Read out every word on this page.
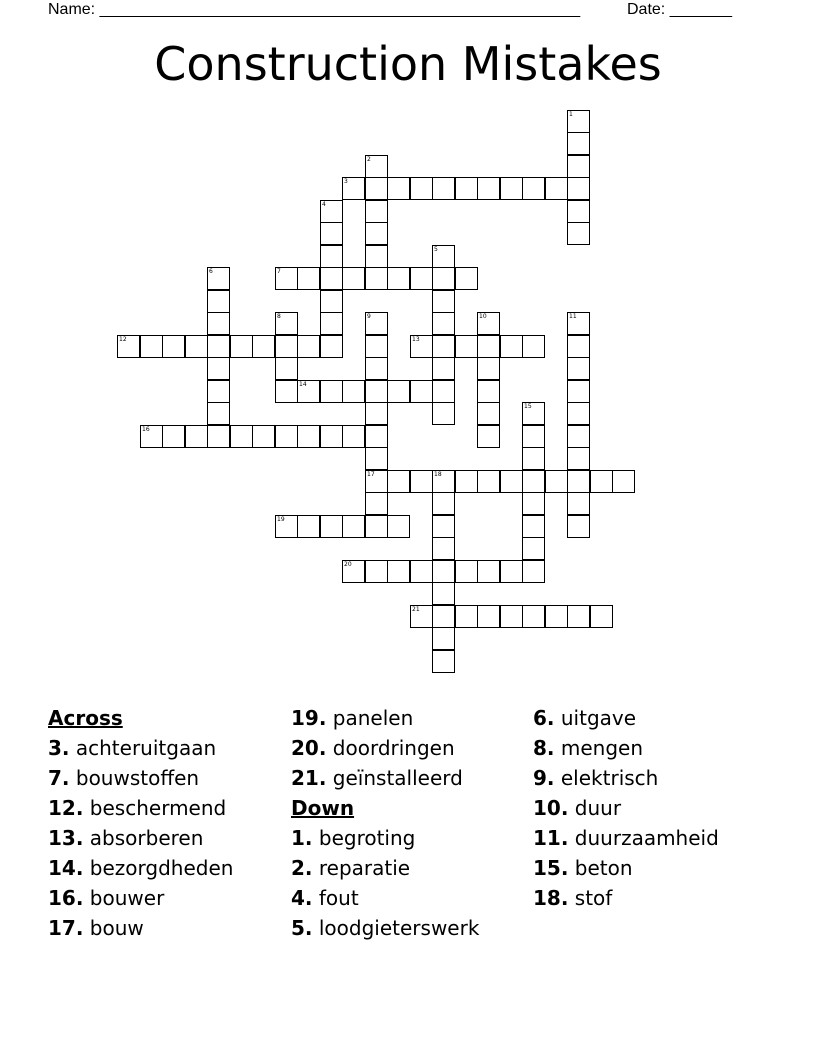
Name: ______________________________________________________	Date: _______
Construction Mistakes
3
7
12	13
14
16
17	18
19
20
21
1
2
4
5
6
8	9	10	11
15
Across
3. achteruitgaan
7. bouwstoffen
12. beschermend
13. absorberen
14. bezorgdheden
16. bouwer
17. bouw
19. panelen
20. doordringen
21. geïnstalleerd
Down
1. begroting
2. reparatie
4. fout
5. loodgieterswerk
6. uitgave
8. mengen
9. elektrisch
10. duur
11. duurzaamheid
15. beton
18. stof
